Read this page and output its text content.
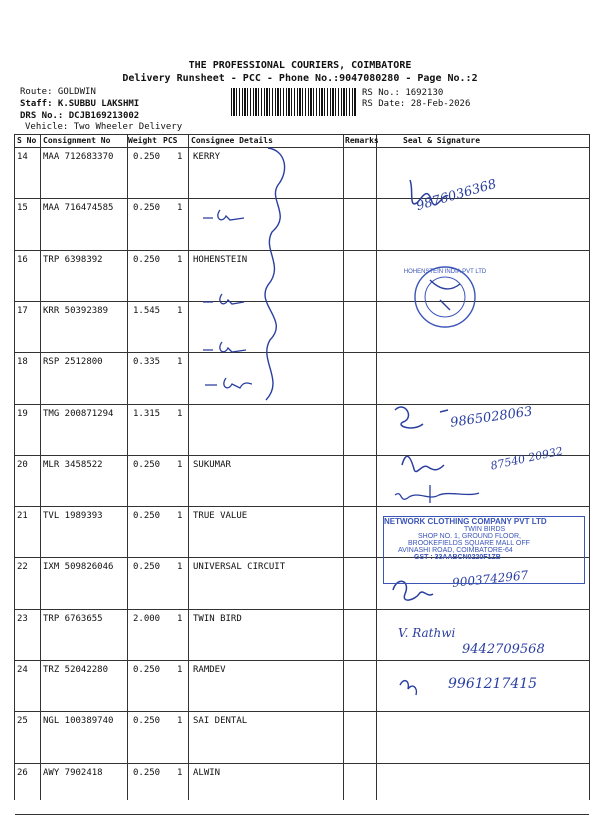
THE PROFESSIONAL COURIERS, COIMBATORE
Delivery Runsheet - PCC - Phone No.:9047080280 - Page No.:2
Route: GOLDWIN
Staff: K.SUBBU LAKSHMI
DRS No.: DCJB169213002
Vehicle: Two Wheeler Delivery
RS No.: 1692130
RS Date: 28-Feb-2026
S No Consignment No Weight PCS Consignee Details	Remarks	Seal & Signature
14 MAA 712683370 0.250 1 KERRY
15 MAA 716474585 0.250 1
16 TRP 6398392	0.250 1 HOHENSTEIN
17 KRR 50392389	1.545 1
18 RSP 2512800	0.335 1
19 TMG 200871294 1.315 1
20 MLR 3458522	0.250 1 SUKUMAR
21 TVL 1989393	0.250 1 TRUE VALUE
22 IXM 509826046 0.250 1 UNIVERSAL CIRCUIT
23 TRP 6763655	2.000 1 TWIN BIRD
24 TRZ 52042280	0.250 1 RAMDEV
25 NGL 100389740 0.250 1 SAI DENTAL
26 AWY 7902418	0.250 1 ALWIN
HOHENSTEIN INDIA PVT LTD
9876036368
9865028063
87540 20932
9003742967
V. Rathwi
9442709568
9961217415
NETWORK CLOTHING COMPANY PVT LTD
TWIN BIRDS
SHOP NO. 1, GROUND FLOOR,
BROOKEFIELDS SQUARE MALL OFF
AVINASHI ROAD, COIMBATORE-64
GST : 33AABCN0220F1ZB
